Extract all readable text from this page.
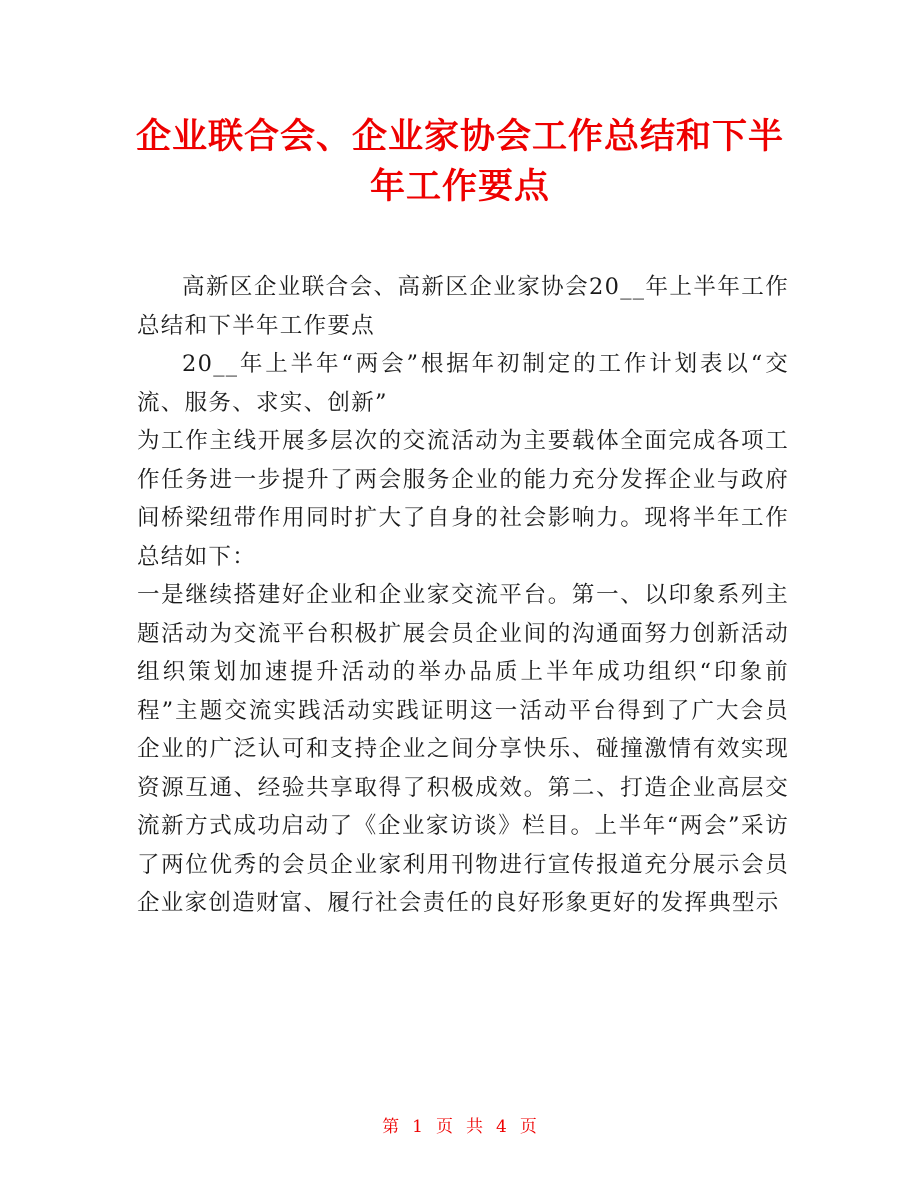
企业联合会、企业家协会工作总结和下半年工作要点

高新区企业联合会、高新区企业家协会20__年上半年工作总结和下半年工作要点

20__年上半年“两会”根据年初制定的工作计划表以“交流、服务、求实、创新”

为工作主线开展多层次的交流活动为主要载体全面完成各项工作任务进一步提升了两会服务企业的能力充分发挥企业与政府间桥梁纽带作用同时扩大了自身的社会影响力。现将半年工作总结如下：

一是继续搭建好企业和企业家交流平台。第一、以印象系列主题活动为交流平台积极扩展会员企业间的沟通面努力创新活动组织策划加速提升活动的举办品质上半年成功组织“印象前程”主题交流实践活动实践证明这一活动平台得到了广大会员企业的广泛认可和支持企业之间分享快乐、碰撞激情有效实现资源互通、经验共享取得了积极成效。第二、打造企业高层交流新方式成功启动了《企业家访谈》栏目。上半年“两会”采访了两位优秀的会员企业家利用刊物进行宣传报道充分展示会员企业家创造财富、履行社会责任的良好形象更好的发挥典型示

第 1 页 共 4 页
